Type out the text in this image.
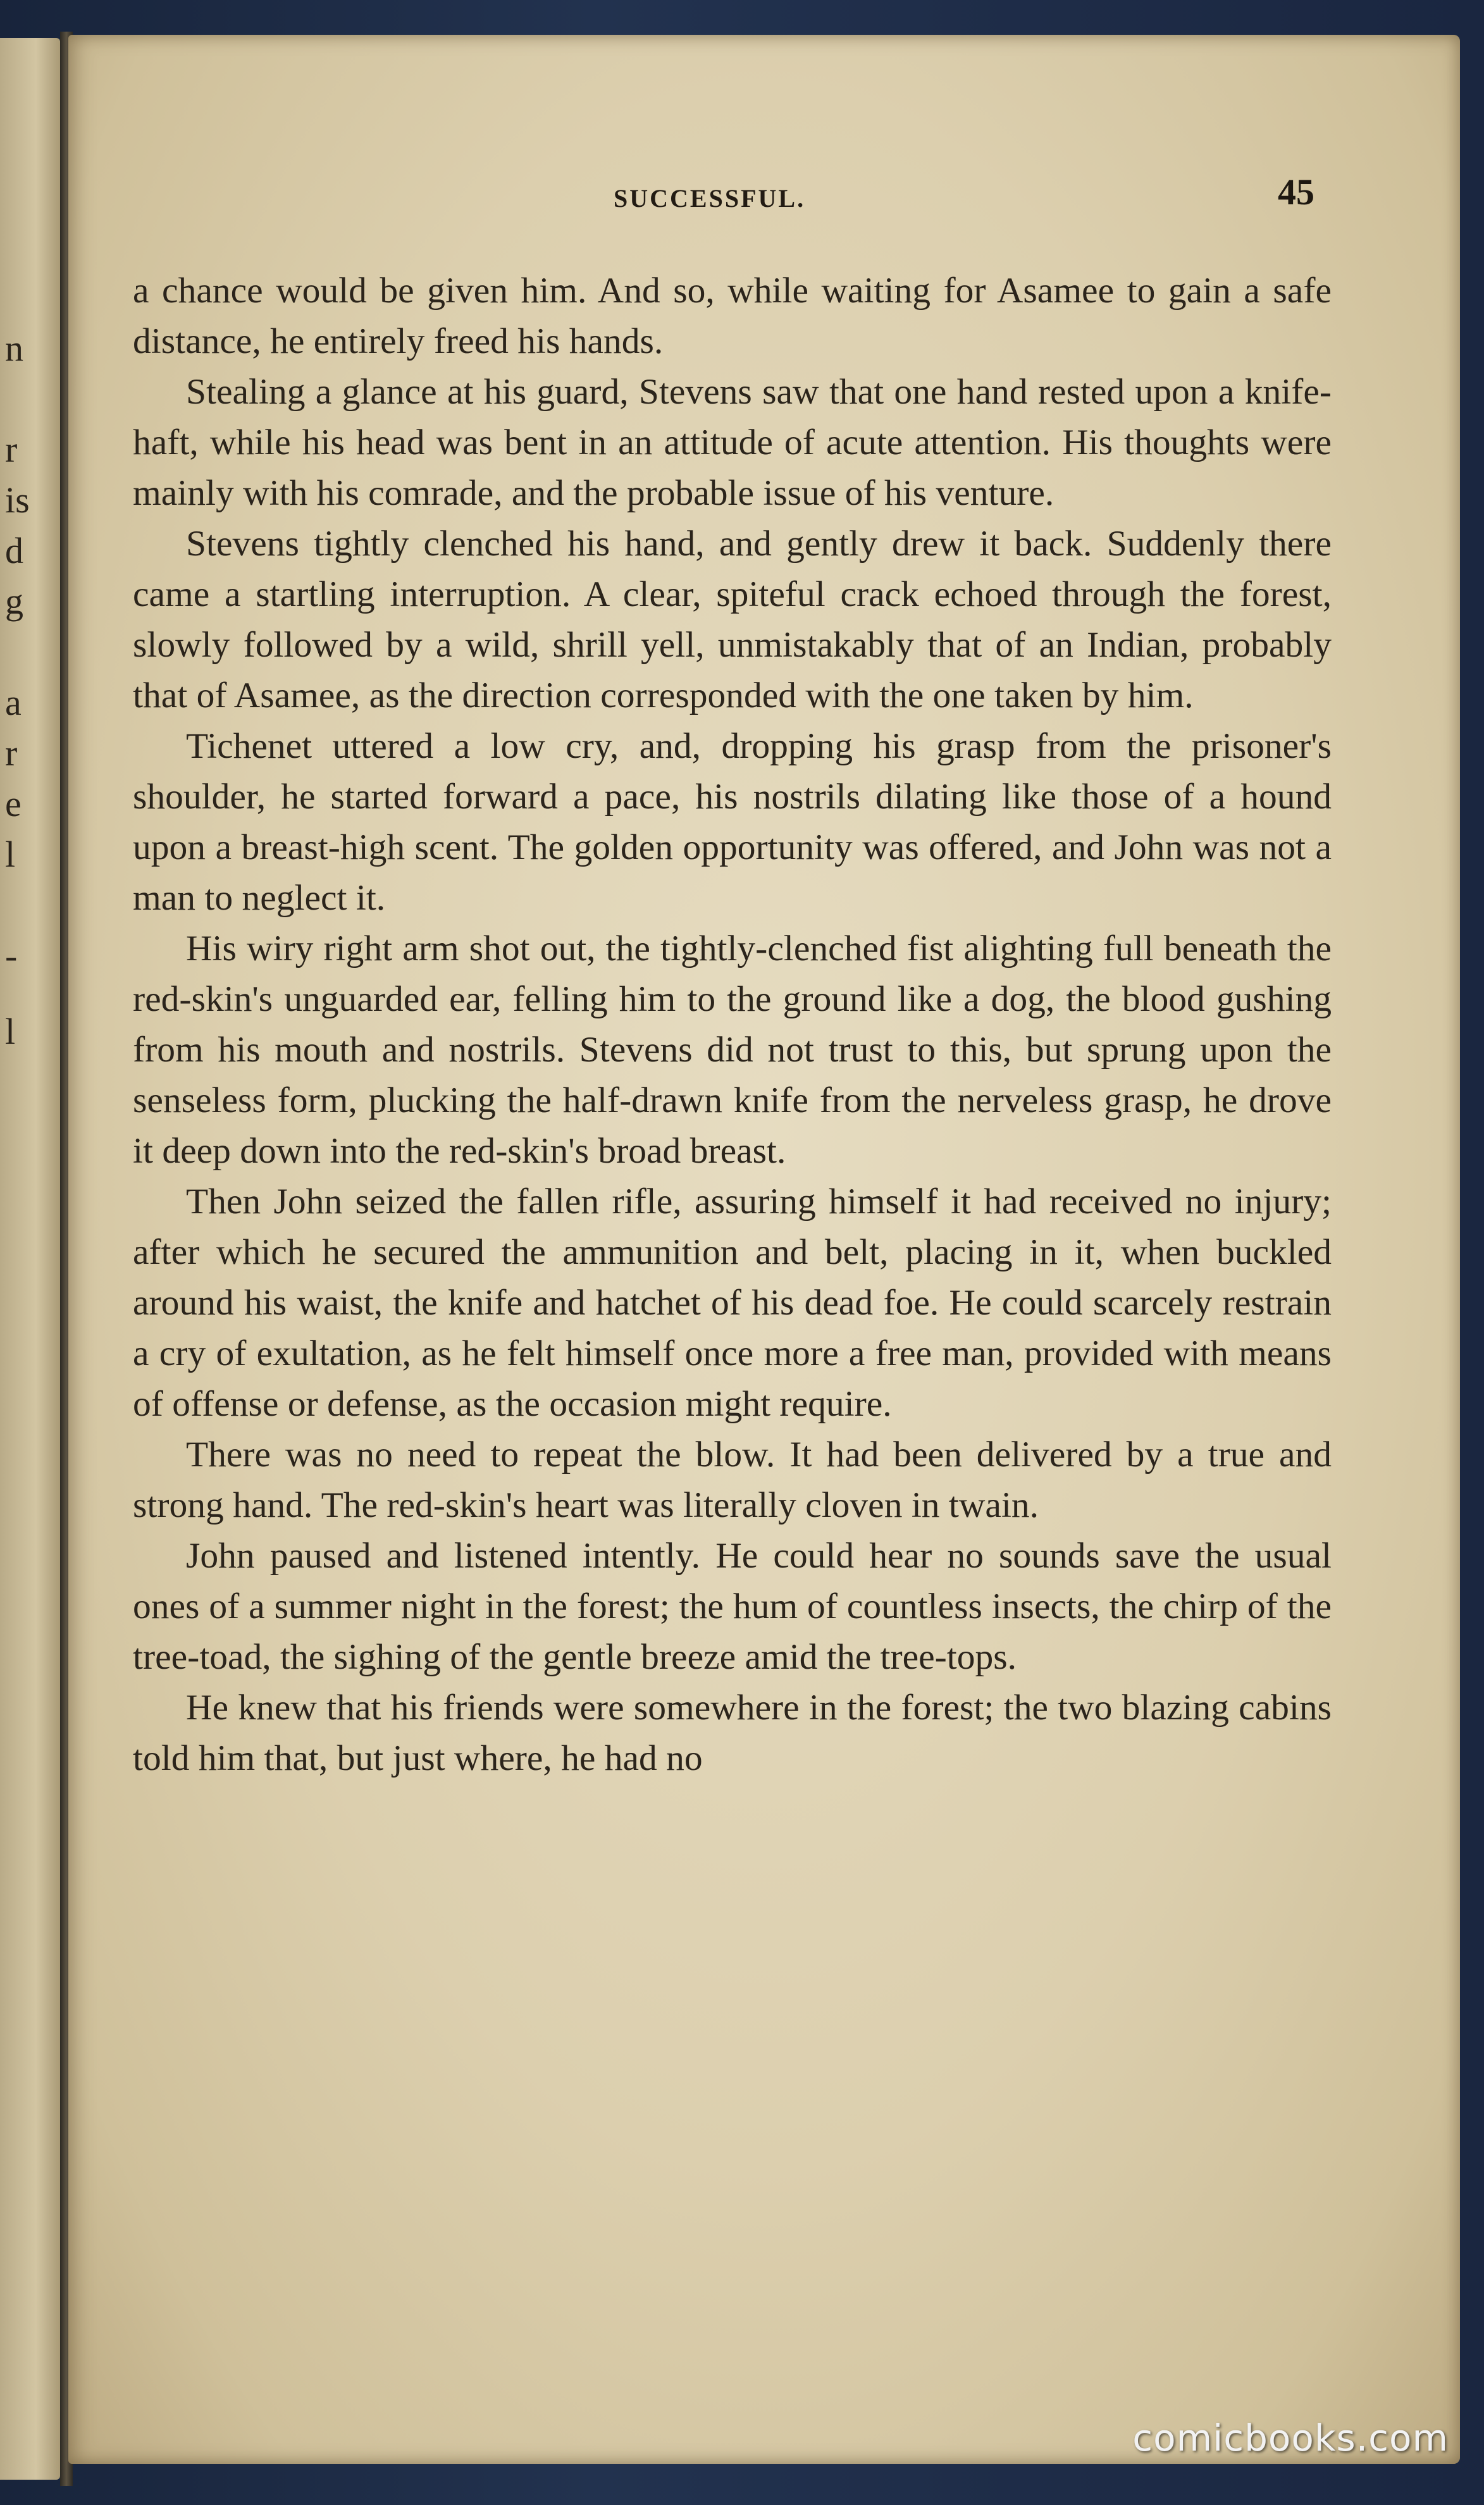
n
r
is
d
g
a
r
e
l
-
l
SUCCESSFUL.	45

a chance would be given him. And so, while waiting for Asamee to gain a safe distance, he entirely freed his hands.

Stealing a glance at his guard, Stevens saw that one hand rested upon a knife-haft, while his head was bent in an attitude of acute attention. His thoughts were mainly with his comrade, and the probable issue of his venture.

Stevens tightly clenched his hand, and gently drew it back. Suddenly there came a startling interruption. A clear, spiteful crack echoed through the forest, slowly followed by a wild, shrill yell, unmistakably that of an Indian, probably that of Asamee, as the direction corresponded with the one taken by him.

Tichenet uttered a low cry, and, dropping his grasp from the prisoner's shoulder, he started forward a pace, his nostrils dilating like those of a hound upon a breast-high scent. The golden opportunity was offered, and John was not a man to neglect it.

His wiry right arm shot out, the tightly-clenched fist alighting full beneath the red-skin's unguarded ear, felling him to the ground like a dog, the blood gushing from his mouth and nostrils. Stevens did not trust to this, but sprung upon the senseless form, plucking the half-drawn knife from the nerveless grasp, he drove it deep down into the red-skin's broad breast.

Then John seized the fallen rifle, assuring himself it had received no injury; after which he secured the ammunition and belt, placing in it, when buckled around his waist, the knife and hatchet of his dead foe. He could scarcely restrain a cry of exultation, as he felt himself once more a free man, provided with means of offense or defense, as the occasion might require.

There was no need to repeat the blow. It had been delivered by a true and strong hand. The red-skin's heart was literally cloven in twain.

John paused and listened intently. He could hear no sounds save the usual ones of a summer night in the forest; the hum of countless insects, the chirp of the tree-toad, the sighing of the gentle breeze amid the tree-tops.

He knew that his friends were somewhere in the forest; the two blazing cabins told him that, but just where, he had no

comicbooks.com
